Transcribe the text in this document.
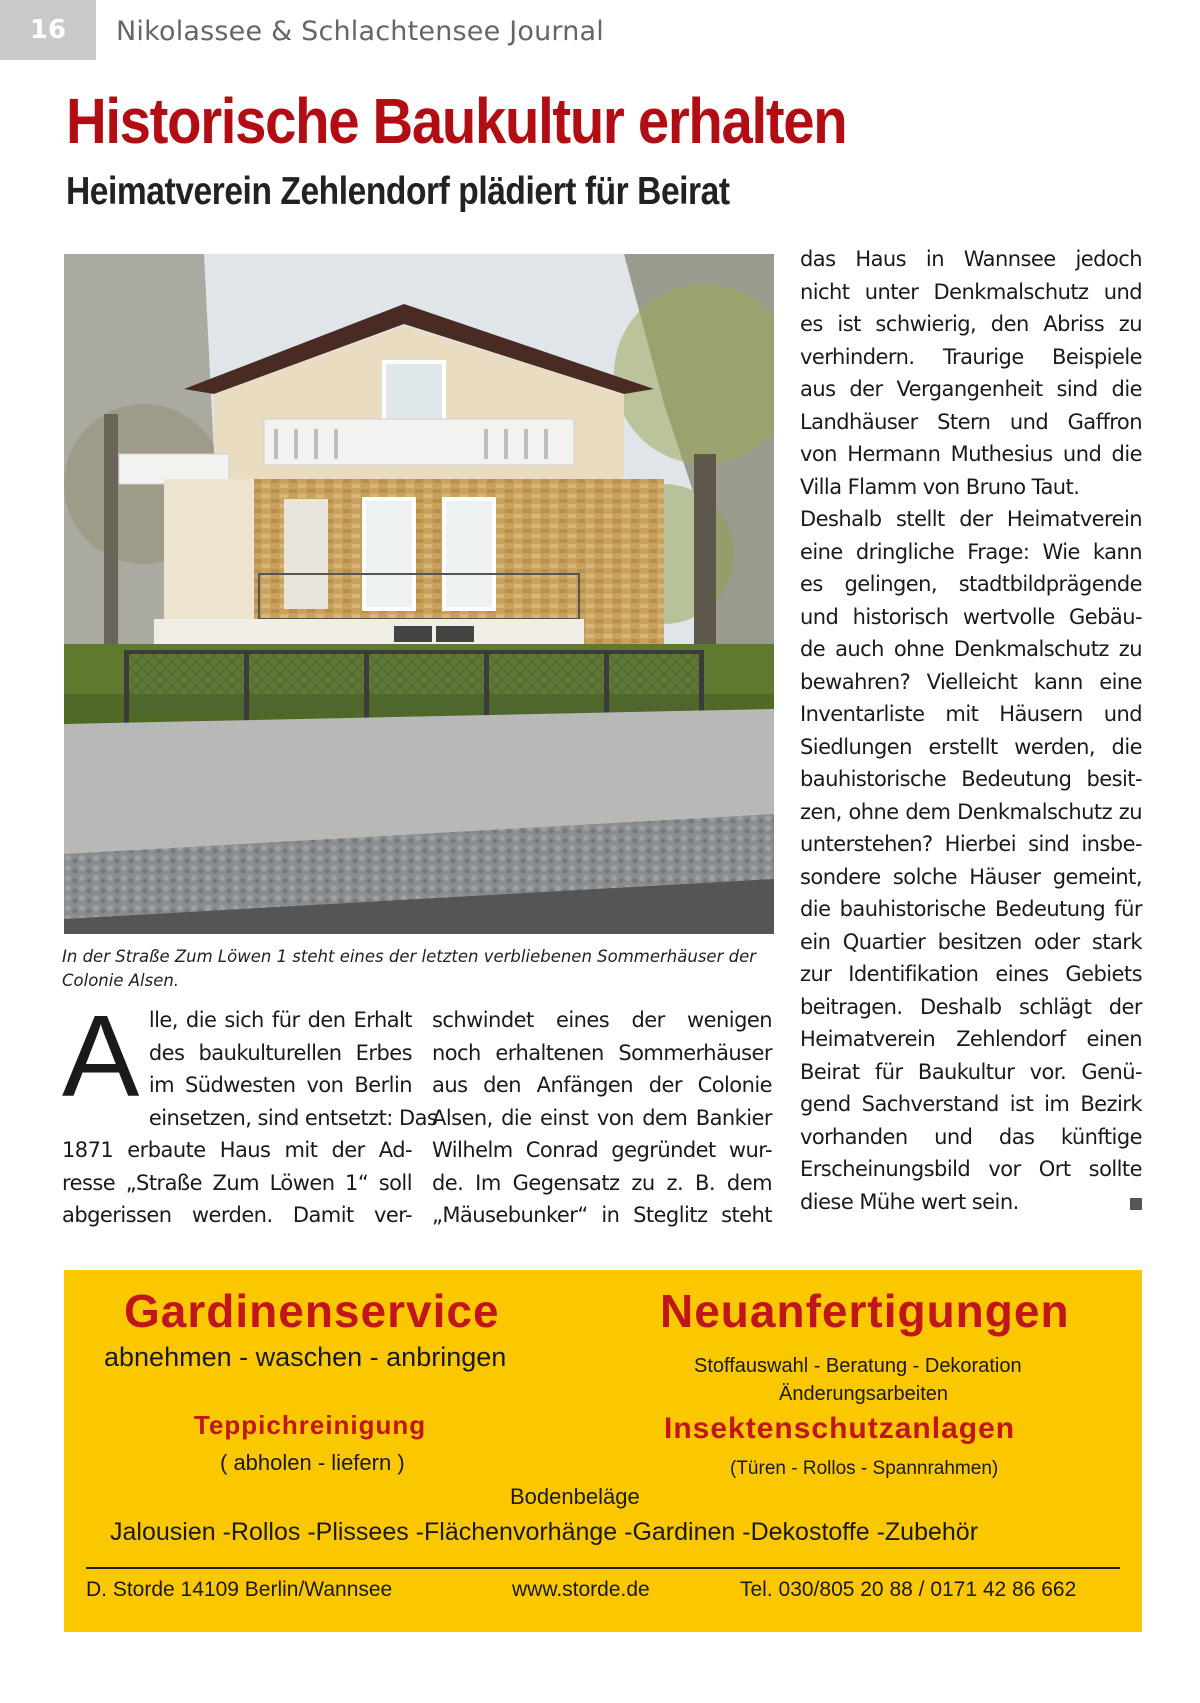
16	Nikolassee & Schlachtensee Journal
Historische Baukultur erhalten
Heimatverein Zehlendorf plädiert für Beirat
In der Straße Zum Löwen 1 steht eines der letzten verbliebenen Sommerhäuser der
Colonie Alsen.
A lle, die sich für den Erhalt
des baukulturellen Erbes
im Südwesten von Berlin
einsetzen, sind entsetzt: Das
1871 erbaute Haus mit der Ad-
resse „Straße Zum Löwen 1“ soll
abgerissen werden. Damit ver-
schwindet eines der wenigen
noch erhaltenen Sommerhäuser
aus den Anfängen der Colonie
Alsen, die einst von dem Bankier
Wilhelm Conrad gegründet wur-
de. Im Gegensatz zu z. B. dem
„Mäusebunker“ in Steglitz steht
das Haus in Wannsee jedoch
nicht unter Denkmalschutz und
es ist schwierig, den Abriss zu
verhindern. Traurige Beispiele
aus der Vergangenheit sind die
Landhäuser Stern und Gaffron
von Hermann Muthesius und die
Villa Flamm von Bruno Taut.
Deshalb stellt der Heimatverein
eine dringliche Frage: Wie kann
es gelingen, stadtbildprägende
und historisch wertvolle Gebäu-
de auch ohne Denkmalschutz zu
bewahren? Vielleicht kann eine
Inventarliste mit Häusern und
Siedlungen erstellt werden, die
bauhistorische Bedeutung besit-
zen, ohne dem Denkmalschutz zu
unterstehen? Hierbei sind insbe-
sondere solche Häuser gemeint,
die bauhistorische Bedeutung für
ein Quartier besitzen oder stark
zur Identifikation eines Gebiets
beitragen. Deshalb schlägt der
Heimatverein Zehlendorf einen
Beirat für Baukultur vor. Genü-
gend Sachverstand ist im Bezirk
vorhanden und das künftige
Erscheinungsbild vor Ort sollte
diese Mühe wert sein.
Gardinenservice
abnehmen - waschen - anbringen
Neuanfertigungen
Stoffauswahl - Beratung - Dekoration
Änderungsarbeiten
Teppichreinigung
( abholen - liefern )
Insektenschutzanlagen
(Türen - Rollos - Spannrahmen)
Bodenbeläge
Jalousien -Rollos -Plissees -Flächenvorhänge -Gardinen -Dekostoffe -Zubehör
D. Storde 14109 Berlin/Wannsee	www.storde.de	Tel. 030/805 20 88 / 0171 42 86 662
